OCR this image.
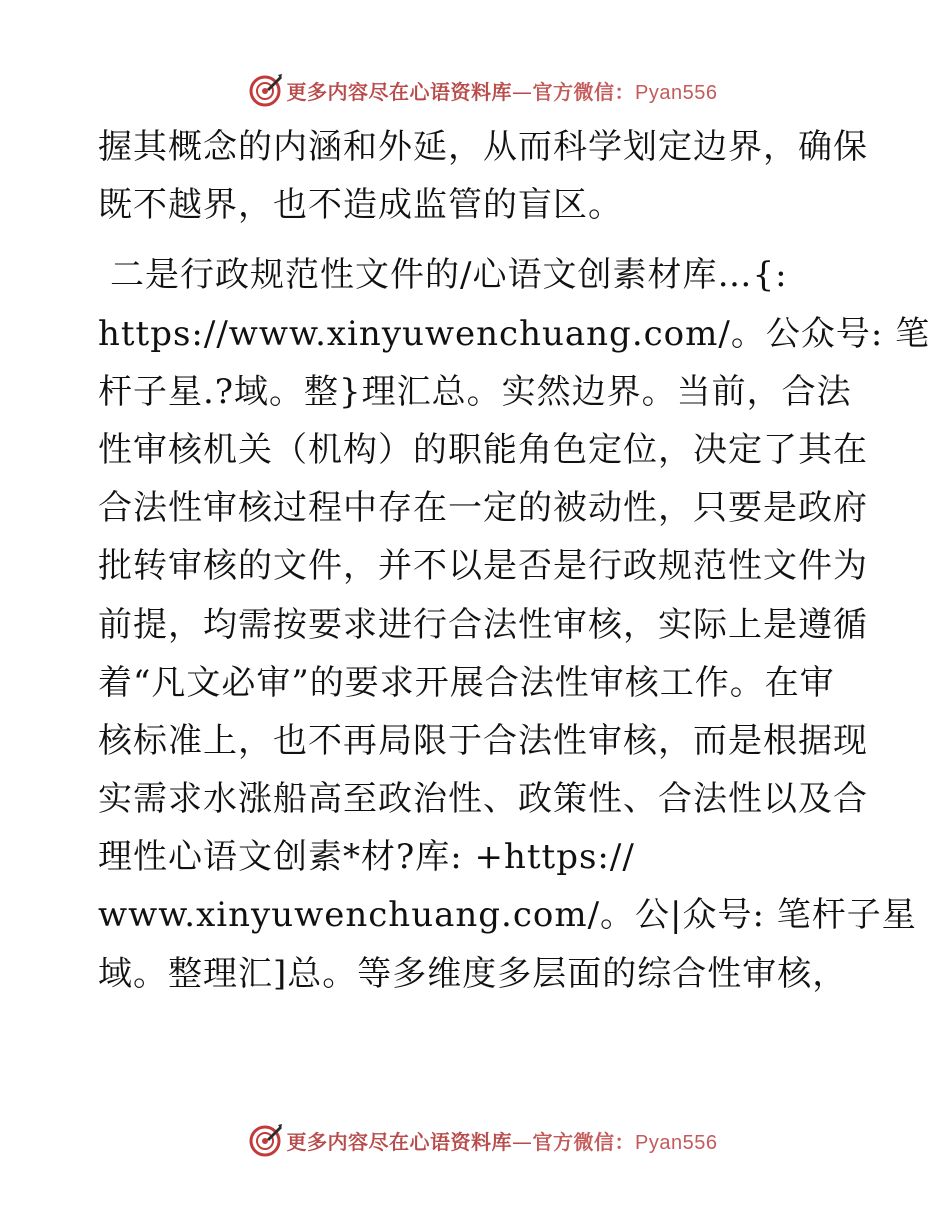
更多内容尽在心语资料库—官方微信：Pyan556
握其概念的内涵和外延，从而科学划定边界，确保
既不越界，也不造成监管的盲区。
二是行政规范性文件的/心语文创素材库…{:
https://www.xinyuwenchuang.com/。公众号: 笔
杆子星.?域。整}理汇总。实然边界。当前，合法
性审核机关（机构）的职能角色定位，决定了其在
合法性审核过程中存在一定的被动性，只要是政府
批转审核的文件，并不以是否是行政规范性文件为
前提，均需按要求进行合法性审核，实际上是遵循
着“凡文必审”的要求开展合法性审核工作。在审
核标准上，也不再局限于合法性审核，而是根据现
实需求水涨船高至政治性、政策性、合法性以及合
理性心语文创素*材?库: +https://
www.xinyuwenchuang.com/。公|众号: 笔杆子星
域。整理汇]总。等多维度多层面的综合性审核，
更多内容尽在心语资料库—官方微信：Pyan556
